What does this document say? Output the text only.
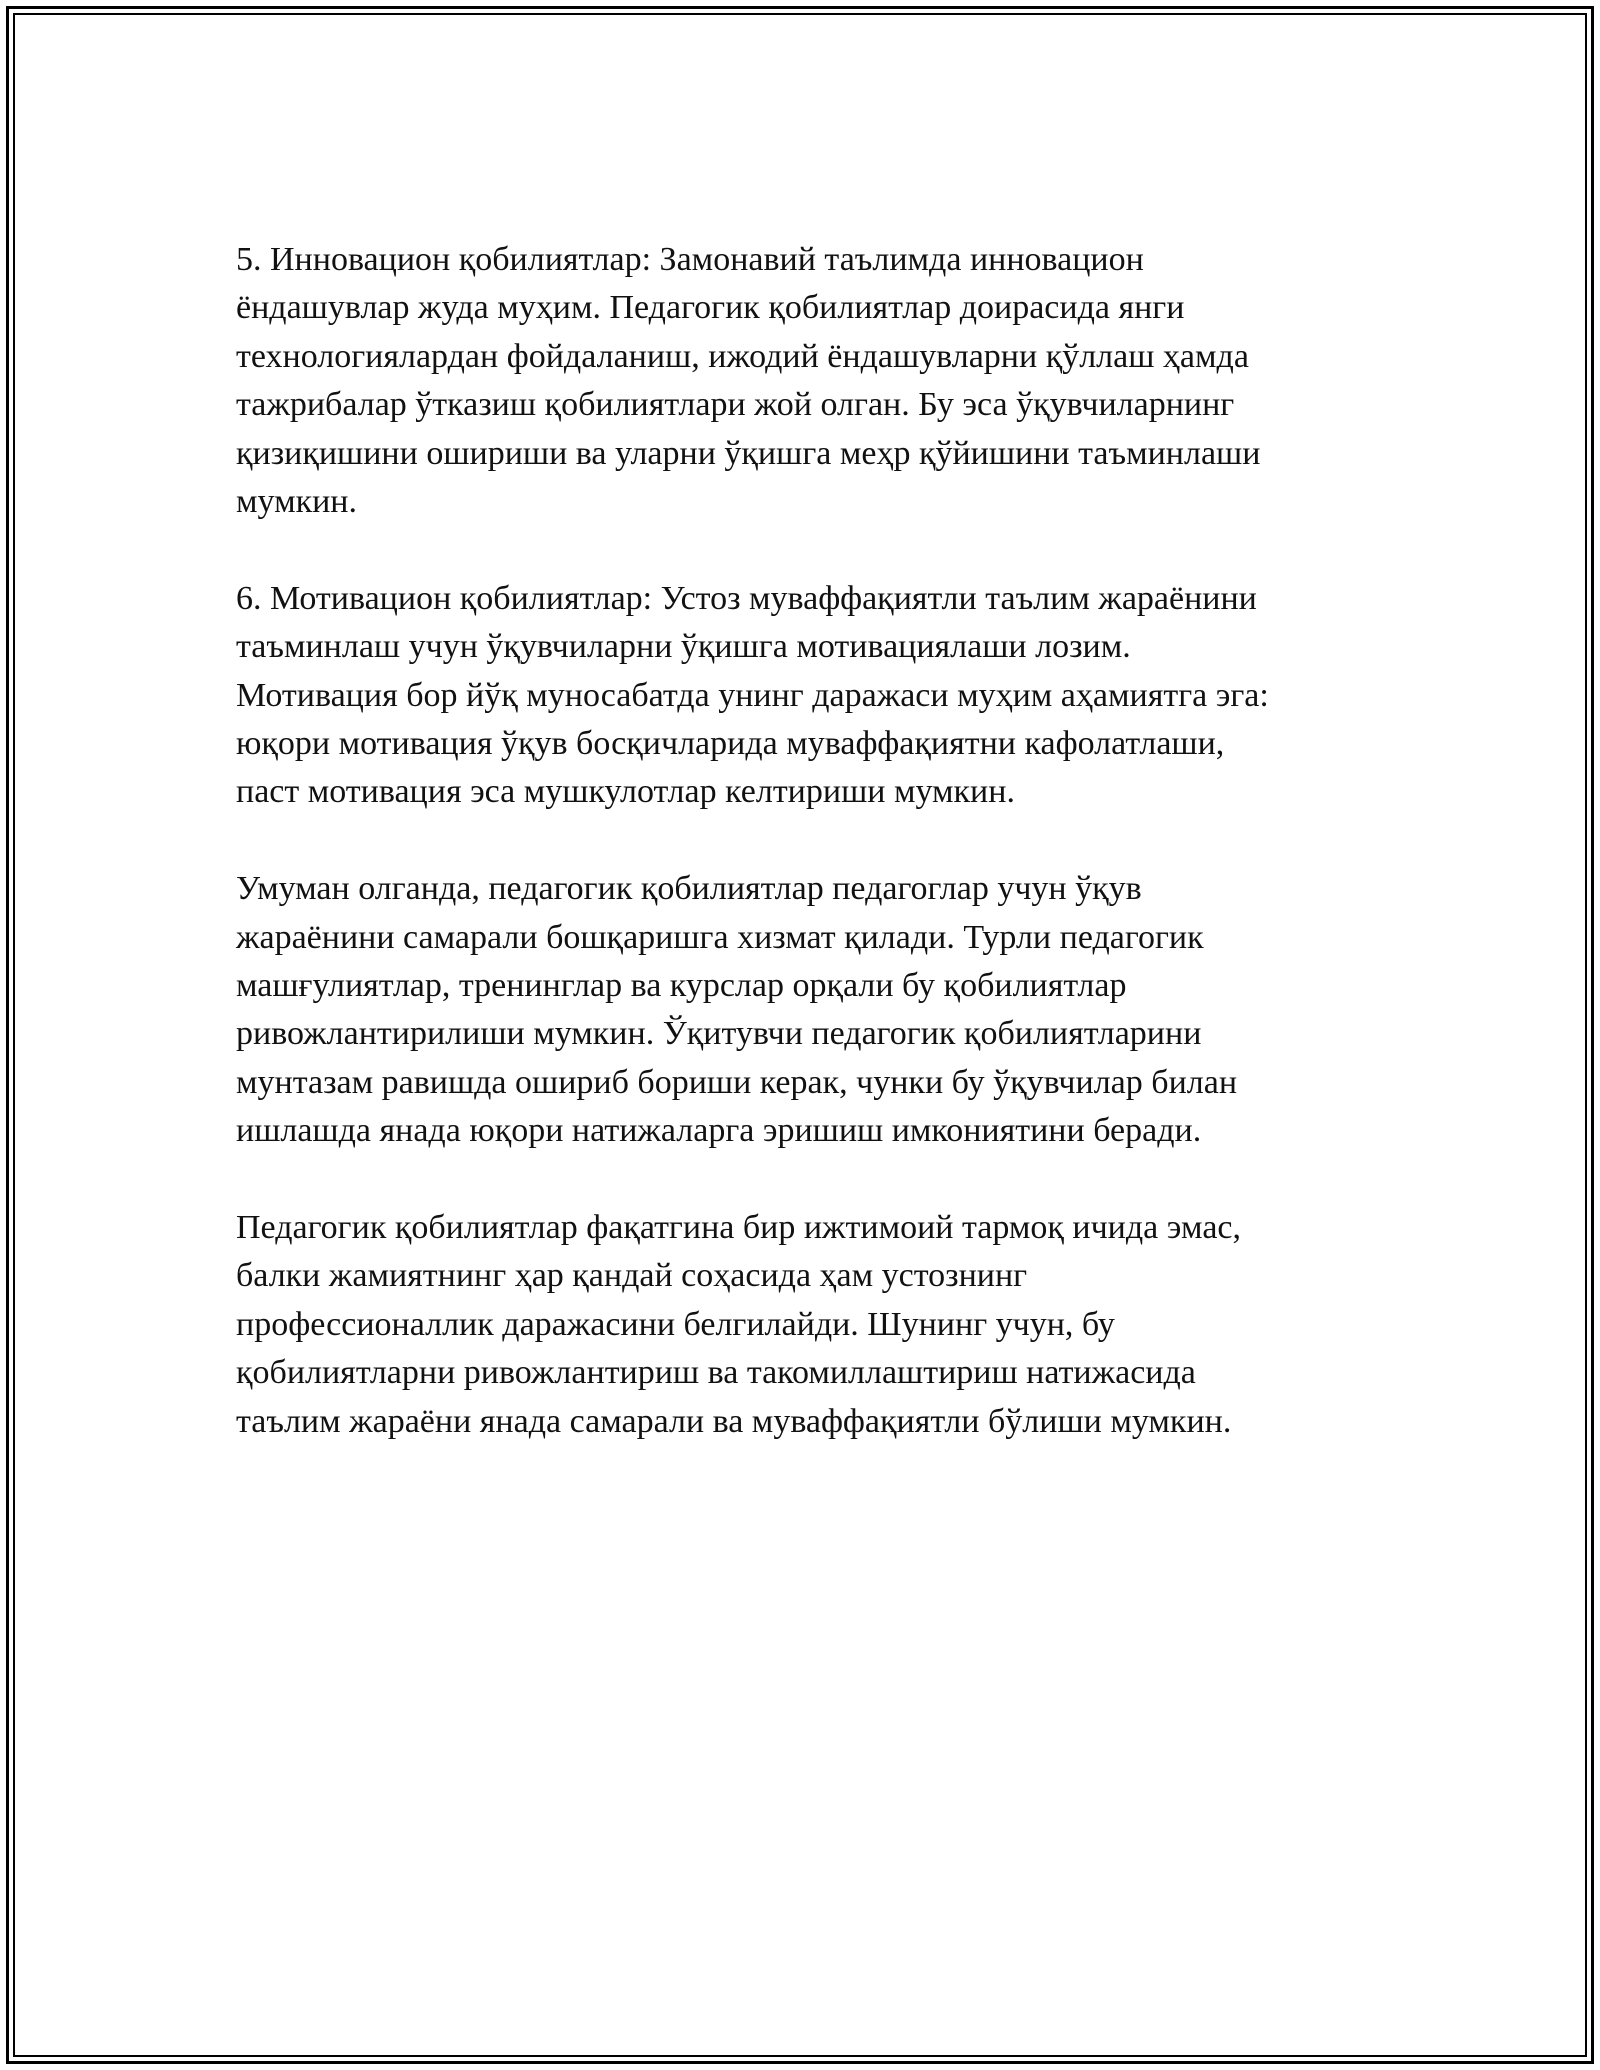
5. Инновацион қобилиятлар: Замонавий таълимда инновацион
ёндашувлар жуда муҳим. Педагогик қобилиятлар доирасида янги
технологиялардан фойдаланиш, ижодий ёндашувларни қўллаш ҳамда
тажрибалар ўтказиш қобилиятлари жой олган. Бу эса ўқувчиларнинг
қизиқишини ошириши ва уларни ўқишга меҳр қўйишини таъминлаши
мумкин.

6. Мотивацион қобилиятлар: Устоз муваффақиятли таълим жараёнини
таъминлаш учун ўқувчиларни ўқишга мотивациялаши лозим.
Мотивация бор йўқ муносабатда унинг даражаси муҳим аҳамиятга эга:
юқори мотивация ўқув босқичларида муваффақиятни кафолатлаши,
паст мотивация эса мушкулотлар келтириши мумкин.

Умуман олганда, педагогик қобилиятлар педагоглар учун ўқув
жараёнини самарали бошқаришга хизмат қилади. Турли педагогик
машғулиятлар, тренинглар ва курслар орқали бу қобилиятлар
ривожлантирилиши мумкин. Ўқитувчи педагогик қобилиятларини
мунтазам равишда ошириб бориши керак, чунки бу ўқувчилар билан
ишлашда янада юқори натижаларга эришиш имкониятини беради.

Педагогик қобилиятлар фақатгина бир ижтимоий тармоқ ичида эмас,
балки жамиятнинг ҳар қандай соҳасида ҳам устознинг
профессионаллик даражасини белгилайди. Шунинг учун, бу
қобилиятларни ривожлантириш ва такомиллаштириш натижасида
таълим жараёни янада самарали ва муваффақиятли бўлиши мумкин.
